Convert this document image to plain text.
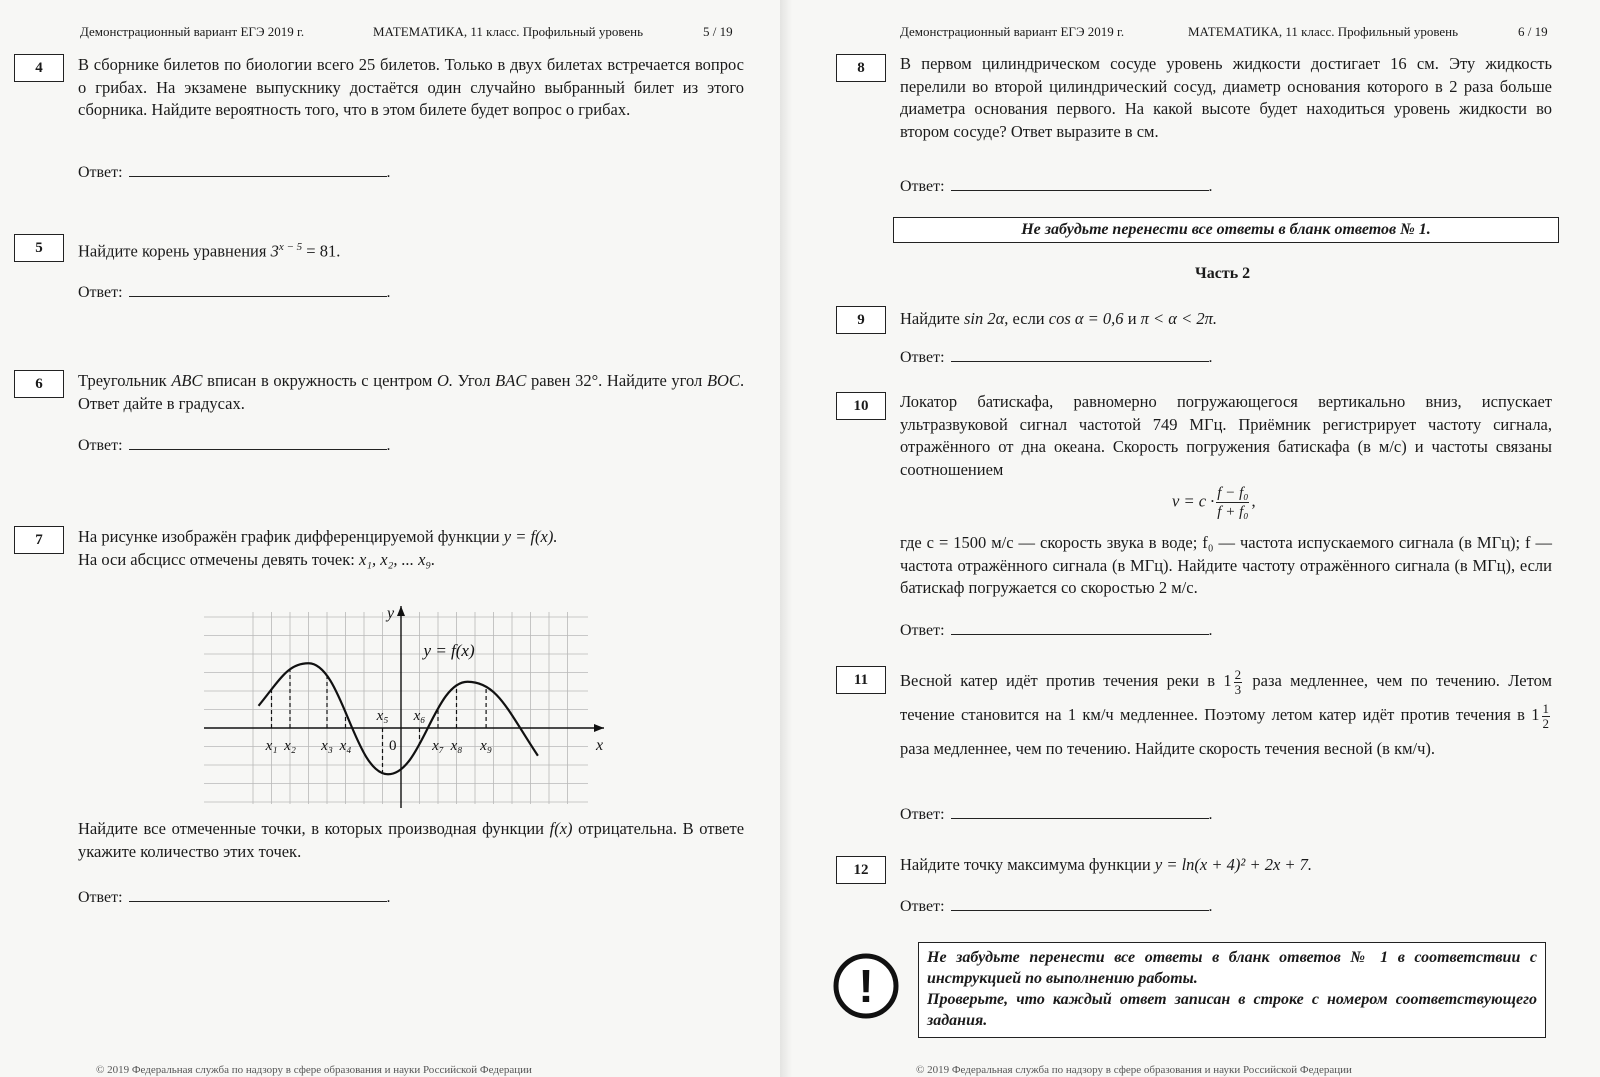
Демонстрационный вариант ЕГЭ 2019 г.	МАТЕМАТИКА, 11 класс. Профильный уровень	5 / 19
4	В сборнике билетов по биологии всего 25 билетов. Только в двух билетах встречается вопрос о грибах. На экзамене выпускнику достаётся один случайно выбранный билет из этого сборника. Найдите вероятность того, что в этом билете будет вопрос о грибах.
Ответ:	.
5	Найдите корень уравнения $3^{x - 5} = 81$.
Ответ:	.
6	Треугольник ABC вписан в окружность с центром O. Угол BAC равен 32°. Найдите угол BOC. Ответ дайте в градусах.
Ответ:	.
7	На рисунке изображён график дифференцируемой функции y = f(x).
На оси абсцисс отмечены девять точек: x₁, x₂, ... x₉.
x₁ x₂ x₃ x₄
x₅ x₆
x₇ x₈ x₉
y = f(x)
x
y
0
Найдите все отмеченные точки, в которых производная функции f(x) отрицательна. В ответе укажите количество этих точек.
Ответ:	.
© 2019 Федеральная служба по надзору в сфере образования и науки Российской Федерации
Демонстрационный вариант ЕГЭ 2019 г.	МАТЕМАТИКА, 11 класс. Профильный уровень	6 / 19
8	В первом цилиндрическом сосуде уровень жидкости достигает 16 см. Эту жидкость перелили во второй цилиндрический сосуд, диаметр основания которого в 2 раза больше диаметра основания первого. На какой высоте будет находиться уровень жидкости во втором сосуде? Ответ выразите в см.
Ответ:	.
Не забудьте перенести все ответы в бланк ответов № 1.
Часть 2
9	Найдите sin 2α, если cos α = 0,6 и π < α < 2π.
Ответ:	.
10	Локатор батискафа, равномерно погружающегося вертикально вниз, испускает ультразвуковой сигнал частотой 749 МГц. Приёмник регистрирует частоту сигнала, отражённого от дна океана. Скорость погружения батискафа (в м/с) и частоты связаны соотношением
$v = c \cdot \frac{\text{f − f₀}}{\text{f + f₀}}$ ,
где c = 1500 м/с — скорость звука в воде; f₀ — частота испускаемого сигнала (в МГц); f — частота отражённого сигнала (в МГц). Найдите частоту отражённого сигнала (в МГц), если батискаф погружается со скоростью 2 м/с.
Ответ:	.
11	Весной катер идёт против течения реки в $1 \frac{2}{3}$ раза медленнее, чем по течению. Летом течение становится на 1 км/ч медленнее. Поэтому летом катер идёт против течения в $1 \frac{1}{2}$
раза медленнее, чем по течению. Найдите скорость течения весной (в км/ч).
Ответ:	.
12	Найдите точку максимума функции y = ln(x + 4)² + 2x + 7.
Ответ:	.
!
Не забудьте перенести все ответы в бланк ответов № 1 в соответствии с инструкцией по выполнению работы.
Проверьте, что каждый ответ записан в строке с номером соответствующего задания.
© 2019 Федеральная служба по надзору в сфере образования и науки Российской Федерации
